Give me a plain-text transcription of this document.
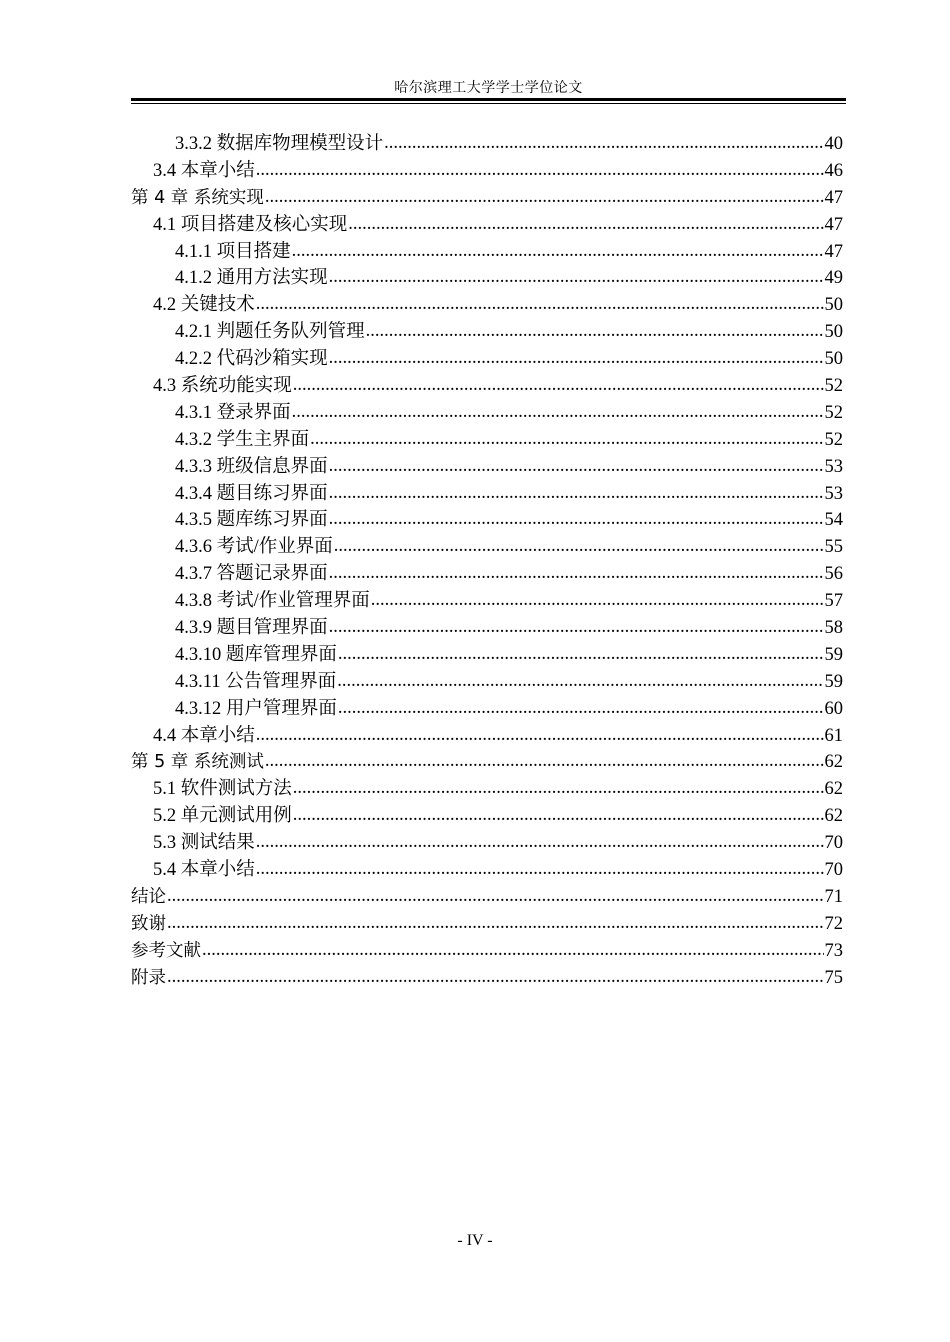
哈尔滨理工大学学士学位论文
3.3.2 数据库物理模型设计 .....	40
3.4 本章小结 .....	46
第 4 章 系统实现 .....	47
4.1 项目搭建及核心实现 .....	47
4.1.1 项目搭建 .....	47
4.1.2 通用方法实现 .....	49
4.2 关键技术 .....	50
4.2.1 判题任务队列管理 .....	50
4.2.2 代码沙箱实现 .....	50
4.3 系统功能实现 .....	52
4.3.1 登录界面 .....	52
4.3.2 学生主界面 .....	52
4.3.3 班级信息界面 .....	53
4.3.4 题目练习界面 .....	53
4.3.5 题库练习界面 .....	54
4.3.6 考试/作业界面 .....	55
4.3.7 答题记录界面 .....	56
4.3.8 考试/作业管理界面 .....	57
4.3.9 题目管理界面 .....	58
4.3.10 题库管理界面 .....	59
4.3.11 公告管理界面 .....	59
4.3.12 用户管理界面 .....	60
4.4 本章小结 .....	61
第 5 章 系统测试 .....	62
5.1 软件测试方法 .....	62
5.2 单元测试用例 .....	62
5.3 测试结果 .....	70
5.4 本章小结 .....	70
结论 .....	71
致谢 .....	72
参考文献 .....	73
附录 .....	75
- IV -
